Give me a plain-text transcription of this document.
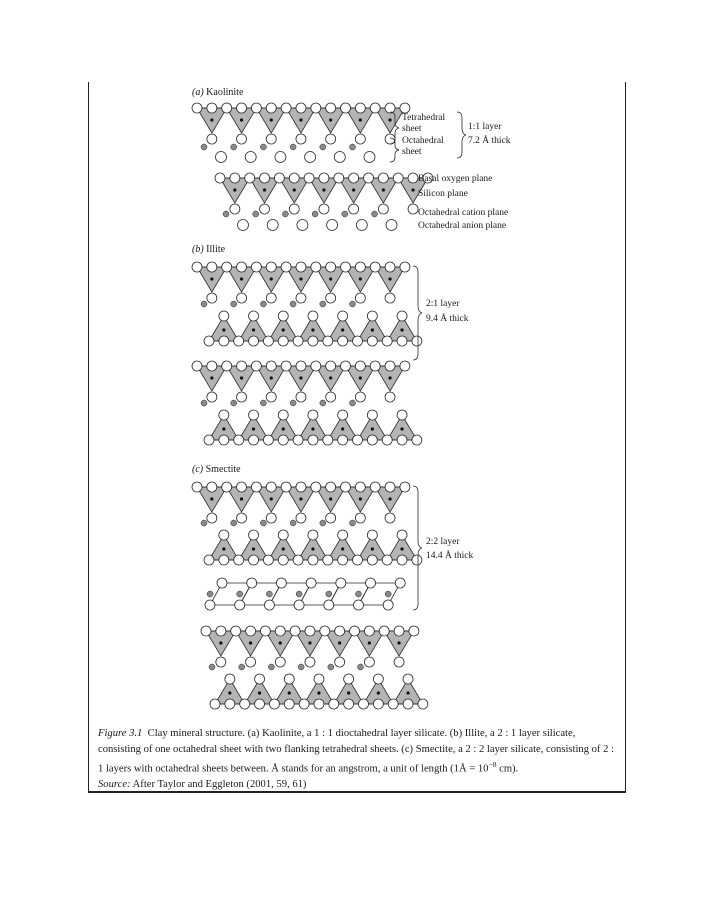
(a) Kaolinite
Tetrahedral
sheet
Octahedral
sheet
1:1 layer
7.2 Å thick
Basal oxygen plane
Silicon plane
Octahedral cation plane
Octahedral anion plane
(b) Illite
2:1 layer
9.4 Å thick
(c) Smectite
2:2 layer
14.4 Å thick

Figure 3.1 Clay mineral structure. (a) Kaolinite, a 1 : 1 dioctahedral layer silicate. (b) Illite, a 2 : 1 layer silicate, consisting of one octahedral sheet with two flanking tetrahedral sheets. (c) Smectite, a 2 : 2 layer silicate, consisting of 2 : 1 layers with octahedral sheets between. Å stands for an angstrom, a unit of length (1Å = $10^{-8}$ cm).

Source: After Taylor and Eggleton (2001, 59, 61)
